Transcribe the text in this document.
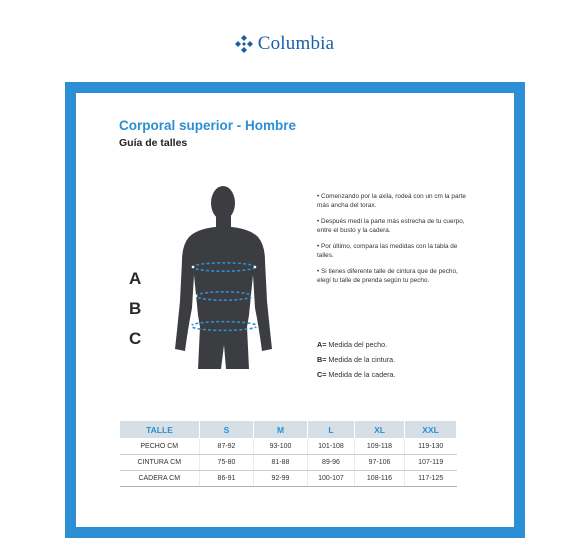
Columbia
Corporal superior - Hombre
Guía de talles
A
B
C

• Comenzando por la axila, rodeá con un cm la parte más ancha del torax.

• Después medí la parte más estrecha de tu cuerpo, entre el busto y la cadera.

• Por último, compara las medidas con la tabla de talles.

• Si tienes diferente talle de cintura que de pecho, elegí tu talle de prenda según tu pecho.

A= Medida del pecho.
B= Medida de la cintura.
C= Medida de la cadera.
TALLE	S	M	L	XL	XXL
PECHO CM	87-92	93-100	101-108	109-118	119-130
CINTURA CM	75-80	81-88	89-96	97-106	107-119
CADERA CM	86-91	92-99	100-107	108-116	117-125
